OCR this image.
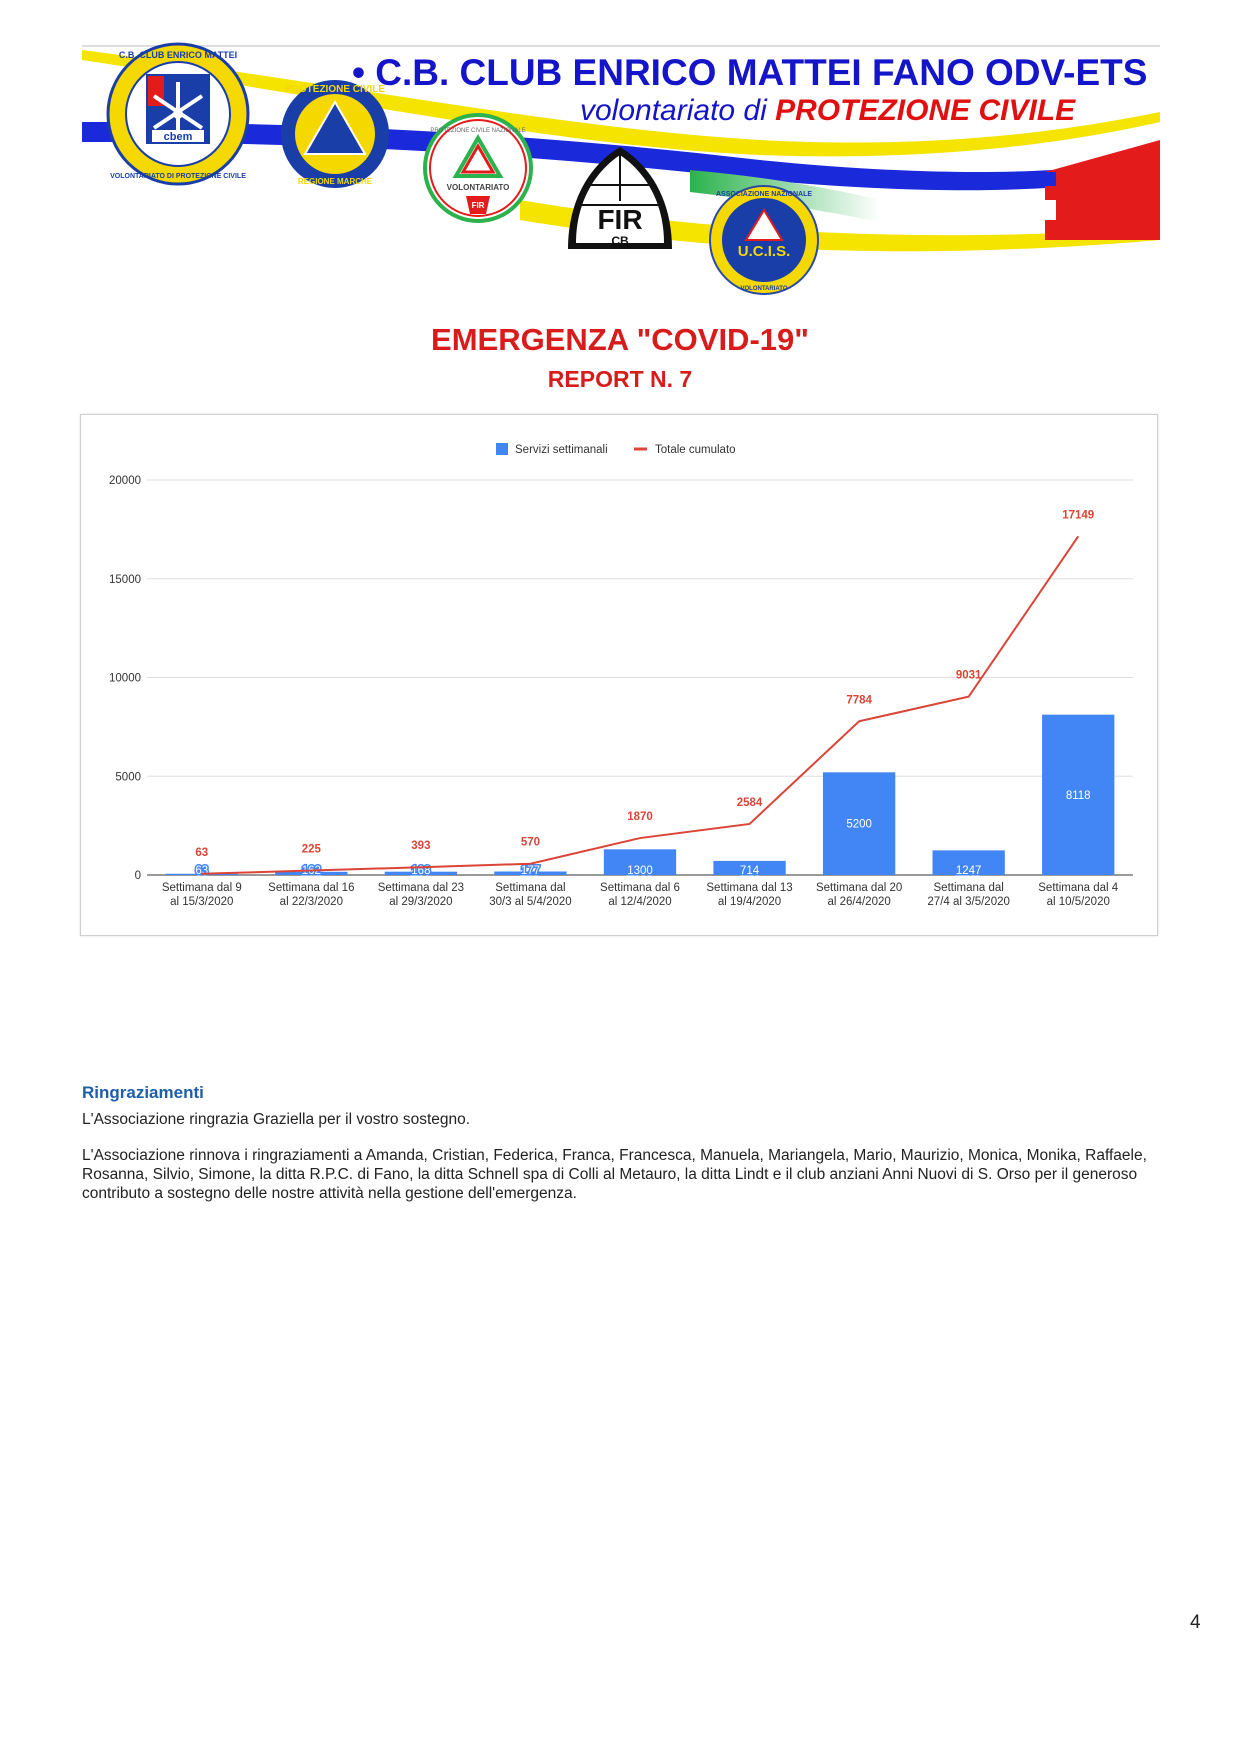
cbem
C.B. CLUB ENRICO MATTEI
VOLONTARIATO DI PROTEZIONE CIVILE
PROTEZIONE CIVILE
REGIONE MARCHE
PROTEZIONE CIVILE NAZIONALE
VOLONTARIATO
FIR	FIR
CB
U.C.I.S.
ASSOCIAZIONE NAZIONALE
VOLONTARIATO
• C.B. CLUB ENRICO MATTEI FANO ODV-ETS
volontariato di PROTEZIONE CIVILE
EMERGENZA "COVID-19"
REPORT N. 7
0
5000
10000
15000
20000
Servizi settimanali	Totale cumulato
63	162	168	177	1300	714
5200
1247
8118
63	225	393	570
1870
2584
7784
9031
17149
Settimana dal 9
al 15/3/2020
Settimana dal 16
al 22/3/2020
Settimana dal 23
al 29/3/2020
Settimana dal
30/3 al 5/4/2020
Settimana dal 6
al 12/4/2020
Settimana dal 13
al 19/4/2020
Settimana dal 20
al 26/4/2020
Settimana dal
27/4 al 3/5/2020
Settimana dal 4
al 10/5/2020
Ringraziamenti
L'Associazione ringrazia Graziella per il vostro sostegno.
L'Associazione rinnova i ringraziamenti a Amanda, Cristian, Federica, Franca, Francesca, Manuela, Mariangela, Mario, Maurizio, Monica, Monika, Raffaele, Rosanna, Silvio, Simone, la ditta R.P.C. di Fano, la ditta Schnell spa di Colli al Metauro, la ditta Lindt e il club anziani Anni Nuovi di S. Orso per il generoso contributo a sostegno delle nostre attività nella gestione dell'emergenza.
4
